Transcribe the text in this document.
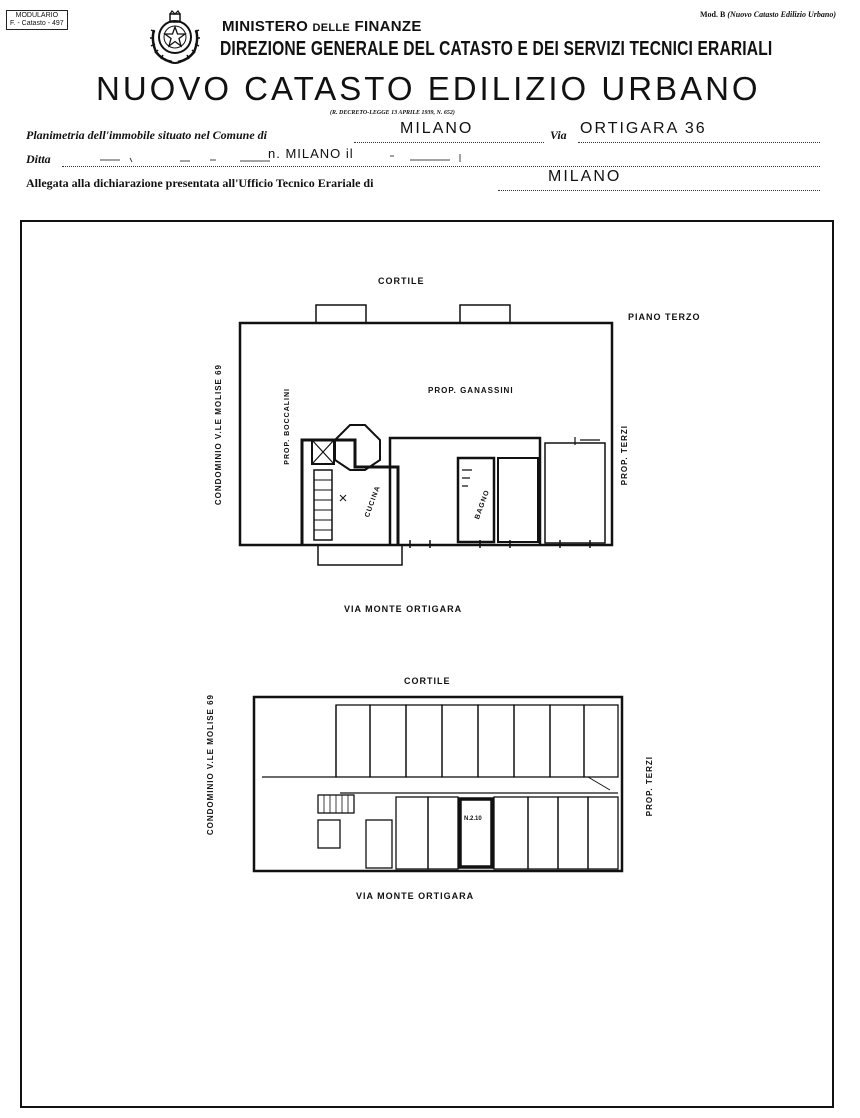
MODULARIO
F. - Catasto - 497
Mod. B (Nuovo Catasto Edilizio Urbano)
MINISTERO DELLE FINANZE
DIREZIONE GENERALE DEL CATASTO E DEI SERVIZI TECNICI ERARIALI
NUOVO CATASTO EDILIZIO URBANO
(R. DECRETO-LEGGE 13 APRILE 1939, N. 652)
Planimetria dell'immobile situato nel Comune di	MILANO	Via ORTIGARA 36
Ditta	n. MILANO il
Allegata alla dichiarazione presentata all'Ufficio Tecnico Erariale di	MILANO
CORTILE
PIANO TERZO
PROP. GANASSINI
PROP. BOCCALINI	PROP. TERZI
CONDOMINIO V.LE MOLISE 69	CUCINA	BAGNO
VIA MONTE ORTIGARA
N.2.10
CORTILE
CONDOMINIO V.LE MOLISE 69	PROP. TERZI
VIA MONTE ORTIGARA
